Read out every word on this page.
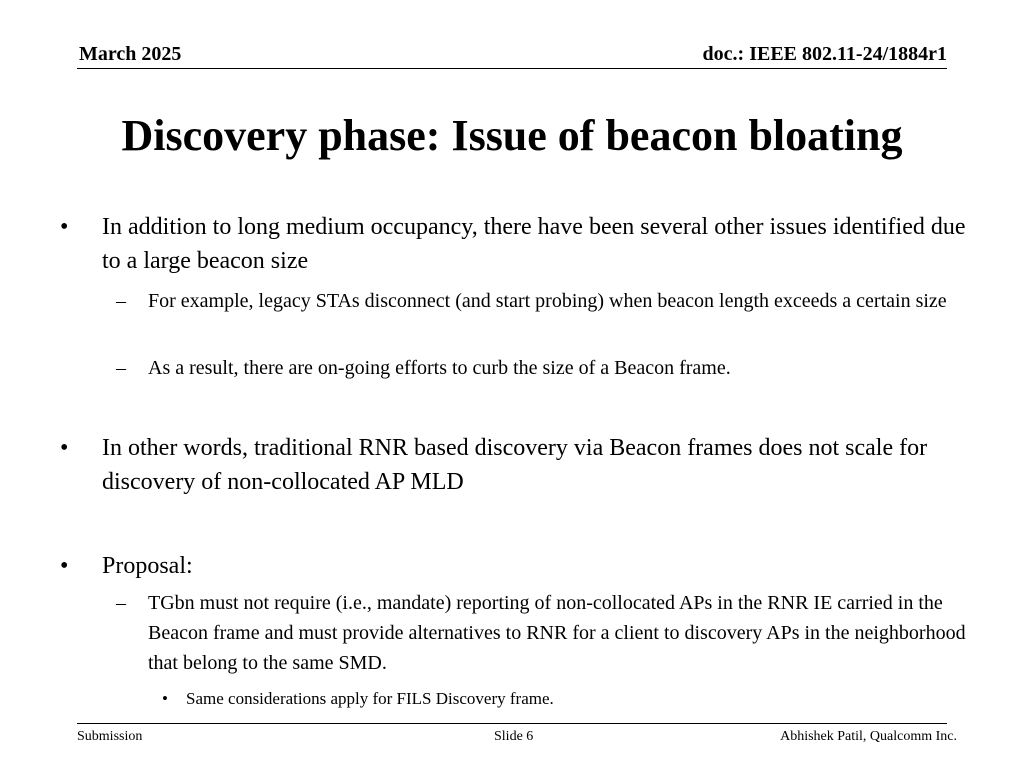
March 2025	doc.: IEEE 802.11-24/1884r1
Discovery phase: Issue of beacon bloating
• In addition to long medium occupancy, there have been several other issues identified due to a large beacon size
– For example, legacy STAs disconnect (and start probing) when beacon length exceeds a certain size
– As a result, there are on-going efforts to curb the size of a Beacon frame.
• In other words, traditional RNR based discovery via Beacon frames does not scale for discovery of non-collocated AP MLD
• Proposal:
– TGbn must not require (i.e., mandate) reporting of non-collocated APs in the RNR IE carried in the Beacon frame and must provide alternatives to RNR for a client to discovery APs in the neighborhood that belong to the same SMD.
• Same considerations apply for FILS Discovery frame.
Submission	Slide 6	Abhishek Patil, Qualcomm Inc.
